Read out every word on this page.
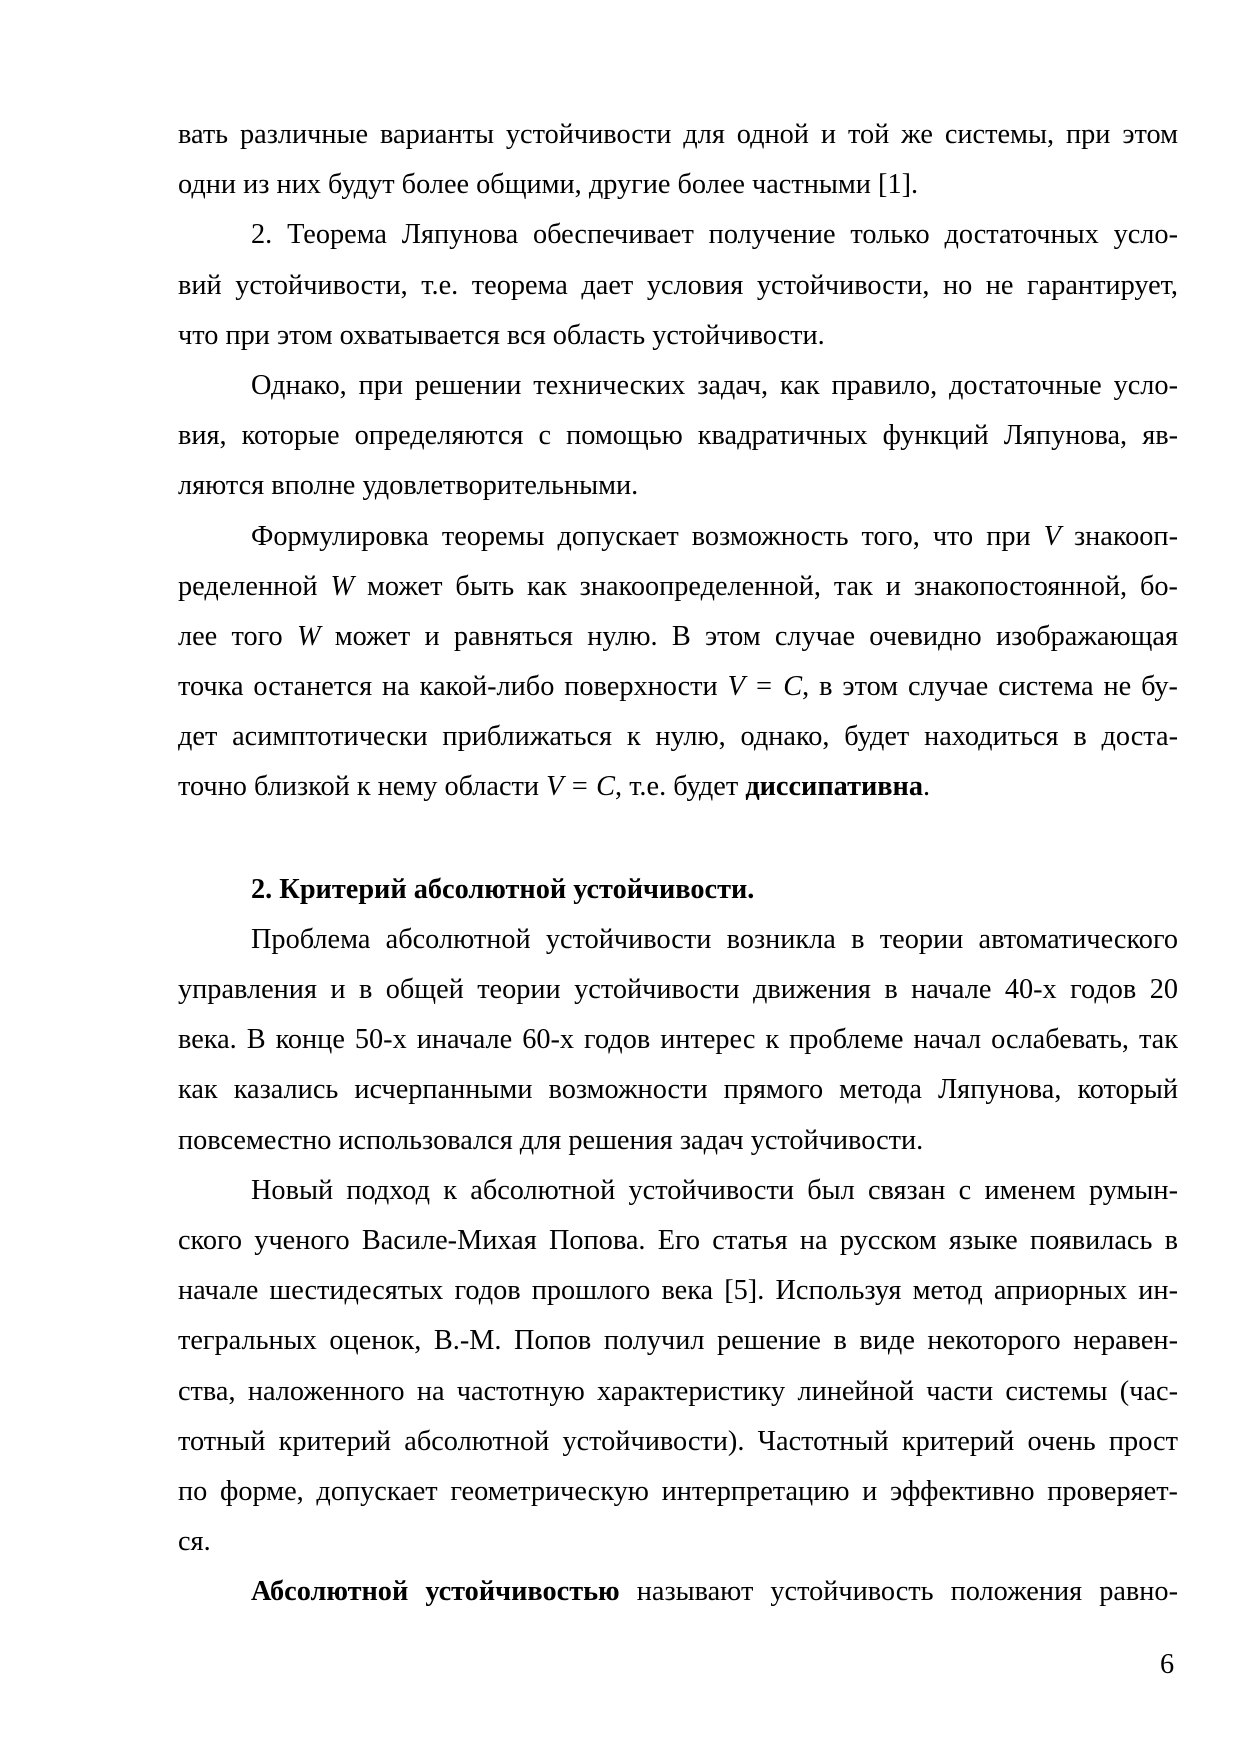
вать различные варианты устойчивости для одной и той же системы, при этом
одни из них будут более общими, другие более частными [1].
2. Теорема Ляпунова обеспечивает получение только достаточных усло-
вий устойчивости, т.е. теорема дает условия устойчивости, но не гарантирует,
что при этом охватывается вся область устойчивости.
Однако, при решении технических задач, как правило, достаточные усло-
вия, которые определяются с помощью квадратичных функций Ляпунова, яв-
ляются вполне удовлетворительными.
Формулировка теоремы допускает возможность того, что при V знакооп-
ределенной W может быть как знакоопределенной, так и знакопостоянной, бо-
лее того W может и равняться нулю. В этом случае очевидно изображающая
точка останется на какой-либо поверхности V = C, в этом случае система не бу-
дет асимптотически приближаться к нулю, однако, будет находиться в доста-
точно близкой к нему области V = C, т.е. будет диссипативна.
2. Критерий абсолютной устойчивости.
Проблема абсолютной устойчивости возникла в теории автоматического
управления и в общей теории устойчивости движения в начале 40-х годов 20
века. В конце 50-х иначале 60-х годов интерес к проблеме начал ослабевать, так
как казались исчерпанными возможности прямого метода Ляпунова, который
повсеместно использовался для решения задач устойчивости.
Новый подход к абсолютной устойчивости был связан с именем румын-
ского ученого Василе-Михая Попова. Его статья на русском языке появилась в
начале шестидесятых годов прошлого века [5]. Используя метод априорных ин-
тегральных оценок, В.-М. Попов получил решение в виде некоторого неравен-
ства, наложенного на частотную характеристику линейной части системы (час-
тотный критерий абсолютной устойчивости). Частотный критерий очень прост
по форме, допускает геометрическую интерпретацию и эффективно проверяет-
ся.
Абсолютной устойчивостью называют устойчивость положения равно-
6
